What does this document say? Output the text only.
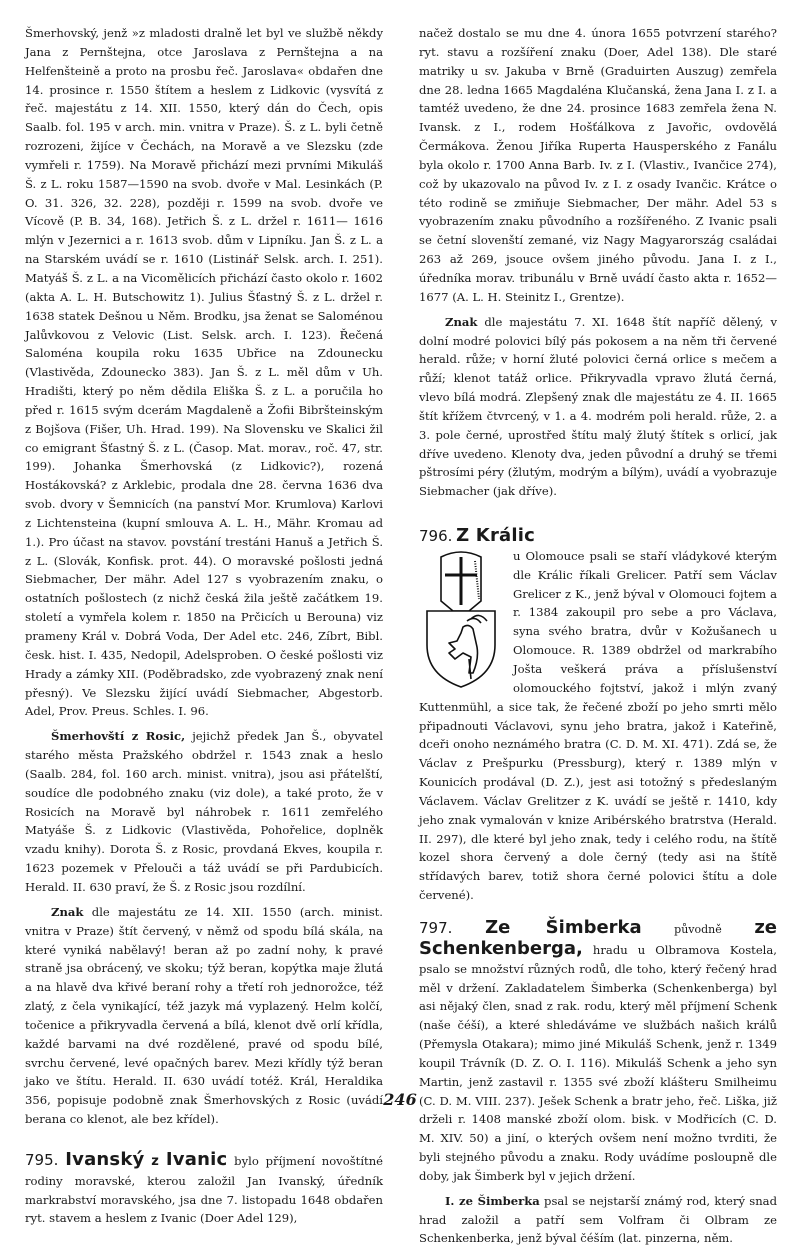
Šmerhovský, jenž »z mladosti dralně let byl ve službě někdy Jana z Pernštejna, otce Jaroslava z Pernštejna a na Helfenšteině a proto na prosbu řeč. Jaroslava« obdařen dne 14. prosince r. 1550 štítem a heslem z Lidkovic (vysvítá z řeč. majestátu z 14. XII. 1550, který dán do Čech, opis Saalb. fol. 195 v arch. min. vnitra v Praze). Š. z L. byli četně rozrozeni, žijíce v Čechách, na Moravě a ve Slezsku (zde vymřeli r. 1759). Na Moravě přichází mezi prvními Mikuláš Š. z L. roku 1587—1590 na svob. dvoře v Mal. Lesinkách (P. O. 31. 326, 32. 228), později r. 1599 na svob. dvoře ve Vícově (P. B. 34, 168). Jetřich Š. z L. držel r. 1611— 1616 mlýn v Jezernici a r. 1613 svob. dům v Lipníku. Jan Š. z L. a na Starském uvádí se r. 1610 (Listinář Selsk. arch. I. 251). Matyáš Š. z L. a na Vicomělicích přichází často okolo r. 1602 (akta A. L. H. Butschowitz 1). Julius Šťastný Š. z L. držel r. 1638 statek Dešnou u Něm. Brodku, jsa ženat se Saloménou Jalůvkovou z Velovic (List. Selsk. arch. I. 123). Řečená Saloména koupila roku 1635 Ubřice na Zdounecku (Vlastivěda, Zdounecko 383). Jan Š. z L. měl dům v Uh. Hradišti, který po něm dědila Eliška Š. z L. a poručila ho před r. 1615 svým dcerám Magdaleně a Žofii Bibršteinským z Bojšova (Fišer, Uh. Hrad. 199). Na Slovensku ve Skalici žil co emigrant Šťastný Š. z L. (Časop. Mat. morav., roč. 47, str. 199). Johanka Šmerhovská (z Lidkovic?), rozená Hostákovská? z Arklebic, prodala dne 28. června 1636 dva svob. dvory v Šemnicích (na panství Mor. Krumlova) Karlovi z Lichtensteina (kupní smlouva A. L. H., Mähr. Kromau ad 1.). Pro účast na stavov. povstání trestáni Hanuš a Jetřich Š. z L. (Slovák, Konfisk. prot. 44). O moravské pošlosti jedná Siebmacher, Der mähr. Adel 127 s vyobrazením znaku, o ostatních pošlostech (z nichž česká žila ještě začátkem 19. století a vymřela kolem r. 1850 na Prčicích u Berouna) viz prameny Král v. Dobrá Voda, Der Adel etc. 246, Zíbrt, Bibl. česk. hist. I. 435, Nedopil, Adelsproben. O české pošlosti viz Hrady a zámky XII. (Poděbradsko, zde vyobrazený znak není přesný). Ve Slezsku žijící uvádí Siebmacher, Abgestorb. Adel, Prov. Preus. Schles. I. 96.

Šmerhovští z Rosic, jejichž předek Jan Š., obyvatel starého města Pražského obdržel r. 1543 znak a heslo (Saalb. 284, fol. 160 arch. minist. vnitra), jsou asi přátelští, soudíce dle podobného znaku (viz dole), a také proto, že v Rosicích na Moravě byl náhrobek r. 1611 zemřelého Matyáše Š. z Lidkovic (Vlastivěda, Pohořelice, doplněk vzadu knihy). Dorota Š. z Rosic, provdaná Ekves, koupila r. 1623 pozemek v Přelouči a táž uvádí se při Pardubicích. Herald. II. 630 praví, že Š. z Rosic jsou rozdílní.

Znak dle majestátu ze 14. XII. 1550 (arch. minist. vnitra v Praze) štít červený, v němž od spodu bílá skála, na které vyniká nabělavý! beran až po zadní nohy, k pravé straně jsa obrácený, ve skoku; týž beran, kopýtka maje žlutá a na hlavě dva křivé beraní rohy a třetí roh jednorožce, též zlatý, z čela vynikající, též jazyk má vyplazený. Helm kolčí, točenice a přikryvadla červená a bílá, klenot dvě orlí křídla, každé barvami na dvé rozdělené, pravé od spodu bílé, svrchu červené, levé opačných barev. Mezi křídly týž beran jako ve štítu. Herald. II. 630 uvádí totéž. Král, Heraldika 356, popisuje podobně znak Šmerhovských z Rosic (uvádí berana co klenot, ale bez křídel).

795. Ivanský z Ivanic bylo příjmení novoštítné rodiny moravské, kterou založil Jan Ivanský, úředník markrabství moravského, jsa dne 7. listopadu 1648 obdařen ryt. stavem a heslem z Ivanic (Doer Adel 129),

načež dostalo se mu dne 4. února 1655 potvrzení starého? ryt. stavu a rozšíření znaku (Doer, Adel 138). Dle staré matriky u sv. Jakuba v Brně (Graduirten Auszug) zemřela dne 28. ledna 1665 Magdaléna Klučanská, žena Jana I. z I. a tamtéž uvedeno, že dne 24. prosince 1683 zemřela žena N. Ivansk. z I., rodem Hošťálkova z Javořic, ovdovělá Čermákova. Ženou Jiříka Ruperta Hausperského z Fanálu byla okolo r. 1700 Anna Barb. Iv. z I. (Vlastiv., Ivančice 274), což by ukazovalo na původ Iv. z I. z osady Ivančic. Krátce o této rodině se zmiňuje Siebmacher, Der mähr. Adel 53 s vyobrazením znaku původního a rozšířeného. Z Ivanic psali se četní slovenští zemané, viz Nagy Magyarország családai 263 až 269, jsouce ovšem jiného původu. Jana I. z I., úředníka morav. tribunálu v Brně uvádí často akta r. 1652—1677 (A. L. H. Steinitz I., Grentze).

Znak dle majestátu 7. XI. 1648 štít napříč dělený, v dolní modré polovici bílý pás pokosem a na něm tři červené herald. růže; v horní žluté polovici černá orlice s mečem a růží; klenot tatáž orlice. Přikryvadla vpravo žlutá černá, vlevo bílá modrá. Zlepšený znak dle majestátu ze 4. II. 1665 štít křížem čtvrcený, v 1. a 4. modrém poli herald. růže, 2. a 3. pole černé, uprostřed štítu malý žlutý štítek s orlicí, jak dříve uvedeno. Klenoty dva, jeden původní a druhý se třemi pštrosími péry (žlutým, modrým a bílým), uvádí a vyobrazuje Siebmacher (jak dříve).

796. Z Králic

u Olomouce psali se staří vládykové kterým dle Králic říkali Grelicer. Patří sem Václav Grelicer z K., jenž býval v Olomouci fojtem a r. 1384 zakoupil pro sebe a pro Václava, syna svého bratra, dvůr v Kožušanech u Olomouce. R. 1389 obdržel od markrabího Jošta veškerá práva a příslušenství olomouckého fojtství, jakož i mlýn zvaný Kuttenmühl, a sice tak, že řečené zboží po jeho smrti mělo připadnouti Václavovi, synu jeho bratra, jakož i Kateřině, dceři onoho neznámého bratra (C. D. M. XI. 471). Zdá se, že Václav z Prešpurku (Pressburg), který r. 1389 mlýn v Kounicích prodával (D. Z.), jest asi totožný s předeslaným Václavem. Václav Grelitzer z K. uvádí se ještě r. 1410, kdy jeho znak vymalován v knize Aribérského bratrstva (Herald. II. 297), dle které byl jeho znak, tedy i celého rodu, na štítě kozel shora červený a dole černý (tedy asi na štítě střídavých barev, totiž shora černé polovici štítu a dole červené).

797. Ze Šimberka původně ze Schenkenberga, hradu u Olbramova Kostela, psalo se množství různých rodů, dle toho, který řečený hrad měl v držení. Zakladatelem Šimberka (Schenkenberga) byl asi nějaký člen, snad z rak. rodu, který měl příjmení Schenk (naše čéší), a které shledáváme ve službách našich králů (Přemysla Otakara); mimo jiné Mikuláš Schenk, jenž r. 1349 koupil Trávník (D. Z. O. I. 116). Mikuláš Schenk a jeho syn Martin, jenž zastavil r. 1355 své zboží klášteru Smilheimu (C. D. M. VIII. 237). Ješek Schenk a bratr jeho, řeč. Liška, již drželi r. 1408 manské zboží olom. bisk. v Modřicích (C. D. M. XIV. 50) a jiní, o kterých ovšem není možno tvrditi, že byli stejného původu a znaku. Rody uvádíme posloupně dle doby, jak Šimberk byl v jejich držení.

I. ze Šimberka psal se nejstarší známý rod, který snad hrad založil a patří sem Volfram či Olbram ze Schenkenberka, jenž býval čéším (lat. pinzerna, něm.

246
